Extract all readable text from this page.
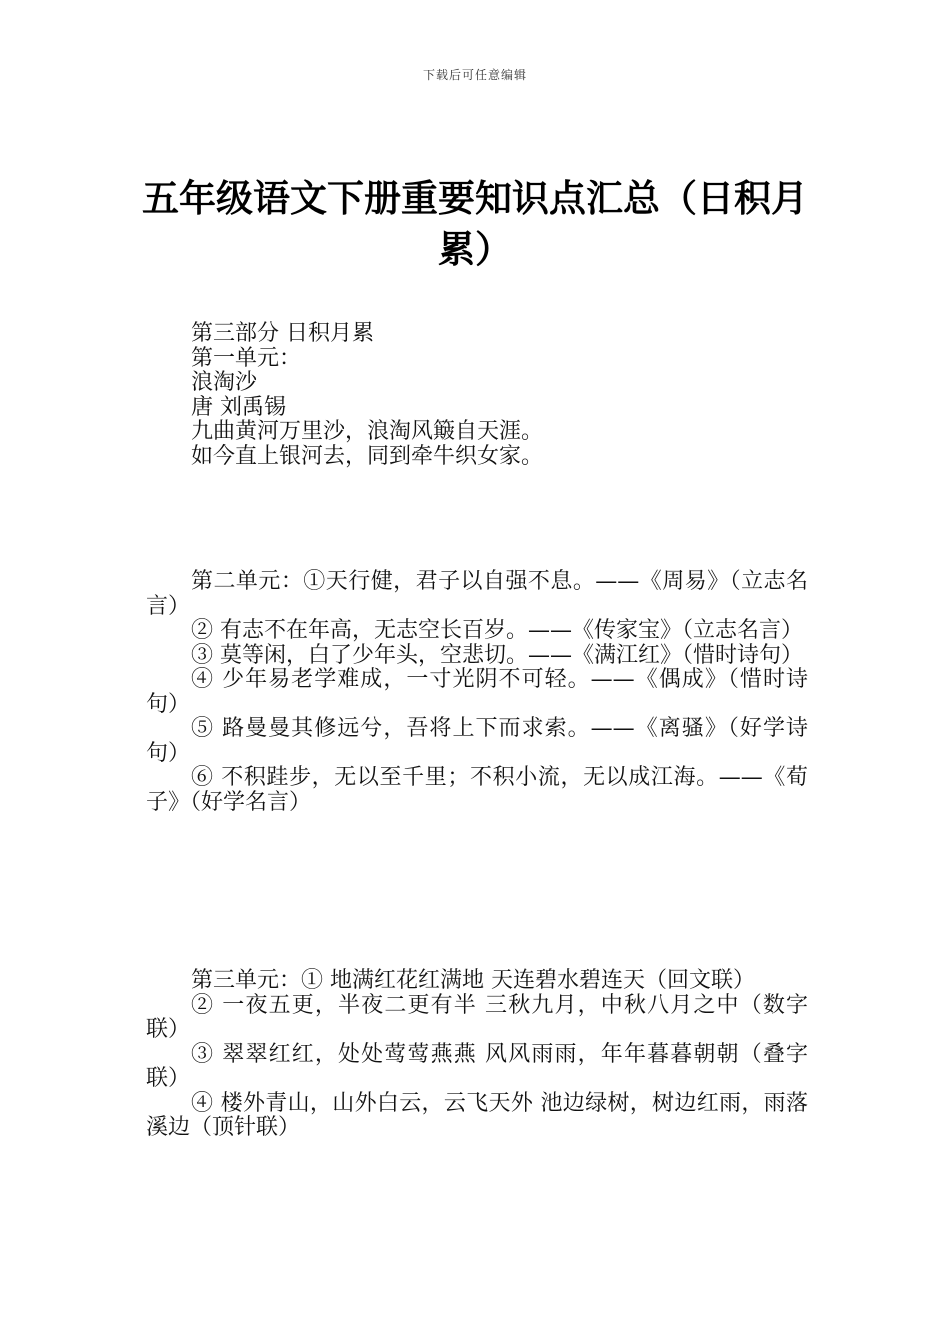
下载后可任意编辑
五年级语文下册重要知识点汇总（日积月累）

第三部分 日积月累

第一单元：

浪淘沙

唐 刘禹锡

九曲黄河万里沙，浪淘风簸自天涯。

如今直上银河去，同到牵牛织女家。

第二单元：①天行健，君子以自强不息。——《周易》（立志名言）

② 有志不在年高，无志空长百岁。——《传家宝》（立志名言）

③ 莫等闲，白了少年头，空悲切。——《满江红》（惜时诗句）

④ 少年易老学难成，一寸光阴不可轻。——《偶成》（惜时诗句）

⑤ 路曼曼其修远兮，吾将上下而求索。——《离骚》（好学诗句）

⑥ 不积跬步，无以至千里；不积小流，无以成江海。——《荀子》（好学名言）

第三单元：① 地满红花红满地 天连碧水碧连天（回文联）

② 一夜五更，半夜二更有半 三秋九月，中秋八月之中（数字联）

③ 翠翠红红，处处莺莺燕燕 风风雨雨，年年暮暮朝朝（叠字联）

④ 楼外青山，山外白云，云飞天外 池边绿树，树边红雨，雨落溪边（顶针联）
